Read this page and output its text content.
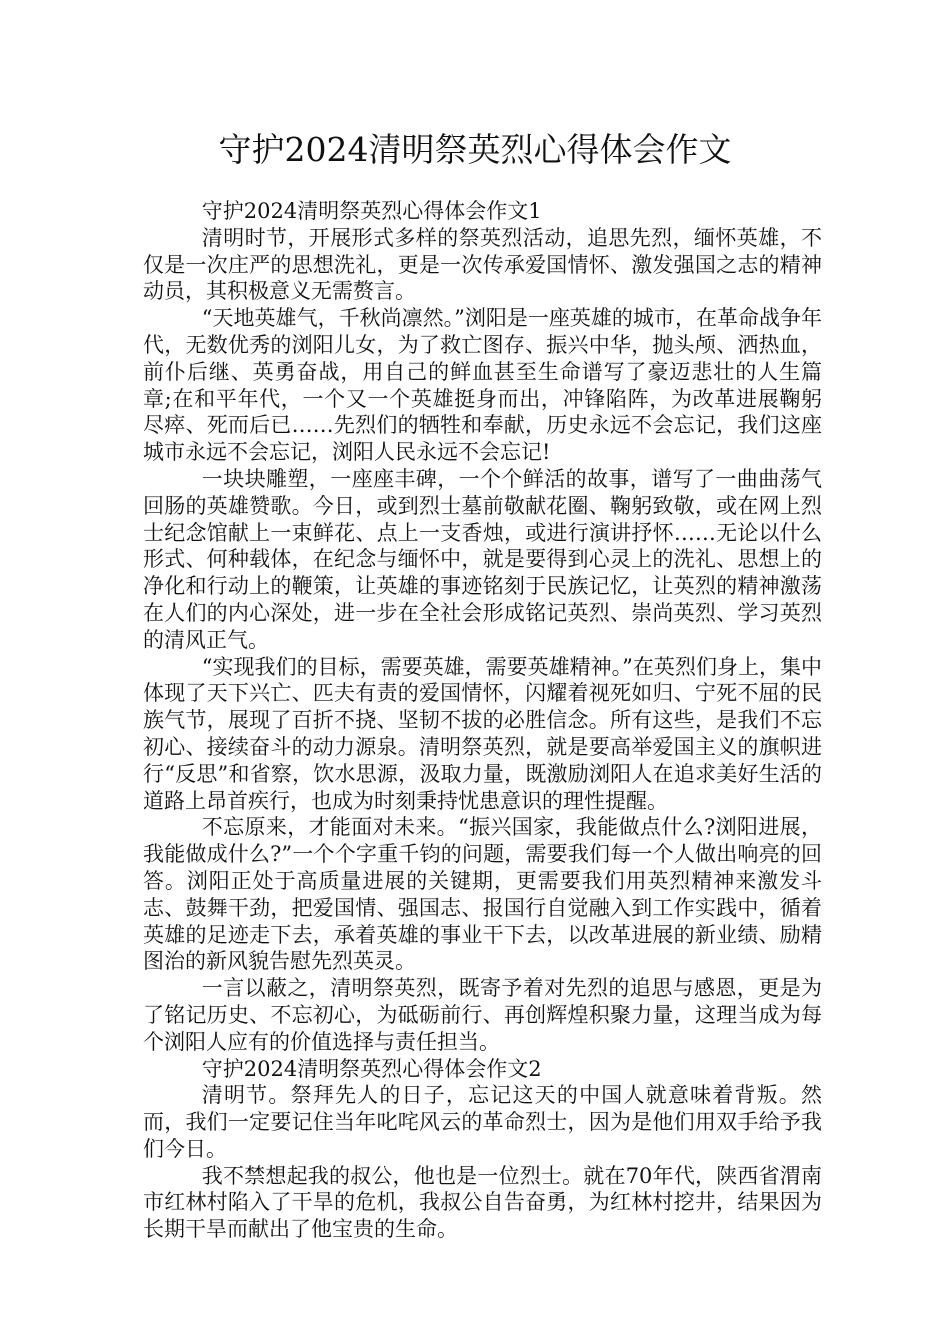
守护2024清明祭英烈心得体会作文

守护2024清明祭英烈心得体会作文1

清明时节，开展形式多样的祭英烈活动，追思先烈，缅怀英雄，不仅是一次庄严的思想洗礼，更是一次传承爱国情怀、激发强国之志的精神动员，其积极意义无需赘言。

“天地英雄气，千秋尚凛然。”浏阳是一座英雄的城市，在革命战争年代，无数优秀的浏阳儿女，为了救亡图存、振兴中华，抛头颅、洒热血，前仆后继、英勇奋战，用自己的鲜血甚至生命谱写了豪迈悲壮的人生篇章;在和平年代，一个又一个英雄挺身而出，冲锋陷阵，为改革进展鞠躬尽瘁、死而后已……先烈们的牺牲和奉献，历史永远不会忘记，我们这座城市永远不会忘记，浏阳人民永远不会忘记!

一块块雕塑，一座座丰碑，一个个鲜活的故事，谱写了一曲曲荡气回肠的英雄赞歌。今日，或到烈士墓前敬献花圈、鞠躬致敬，或在网上烈士纪念馆献上一束鲜花、点上一支香烛，或进行演讲抒怀……无论以什么形式、何种载体，在纪念与缅怀中，就是要得到心灵上的洗礼、思想上的净化和行动上的鞭策，让英雄的事迹铭刻于民族记忆，让英烈的精神激荡在人们的内心深处，进一步在全社会形成铭记英烈、崇尚英烈、学习英烈的清风正气。

“实现我们的目标，需要英雄，需要英雄精神。”在英烈们身上，集中体现了天下兴亡、匹夫有责的爱国情怀，闪耀着视死如归、宁死不屈的民族气节，展现了百折不挠、坚韧不拔的必胜信念。所有这些，是我们不忘初心、接续奋斗的动力源泉。清明祭英烈，就是要高举爱国主义的旗帜进行“反思”和省察，饮水思源，汲取力量，既激励浏阳人在追求美好生活的道路上昂首疾行，也成为时刻秉持忧患意识的理性提醒。

不忘原来，才能面对未来。“振兴国家，我能做点什么?浏阳进展，我能做成什么?”一个个字重千钧的问题，需要我们每一个人做出响亮的回答。浏阳正处于高质量进展的关键期，更需要我们用英烈精神来激发斗志、鼓舞干劲，把爱国情、强国志、报国行自觉融入到工作实践中，循着英雄的足迹走下去，承着英雄的事业干下去，以改革进展的新业绩、励精图治的新风貌告慰先烈英灵。

一言以蔽之，清明祭英烈，既寄予着对先烈的追思与感恩，更是为了铭记历史、不忘初心，为砥砺前行、再创辉煌积聚力量，这理当成为每个浏阳人应有的价值选择与责任担当。

守护2024清明祭英烈心得体会作文2

清明节。祭拜先人的日子，忘记这天的中国人就意味着背叛。然而，我们一定要记住当年叱咤风云的革命烈士，因为是他们用双手给予我们今日。

我不禁想起我的叔公，他也是一位烈士。就在70年代，陕西省渭南市红林村陷入了干旱的危机，我叔公自告奋勇，为红林村挖井，结果因为长期干旱而献出了他宝贵的生命。
